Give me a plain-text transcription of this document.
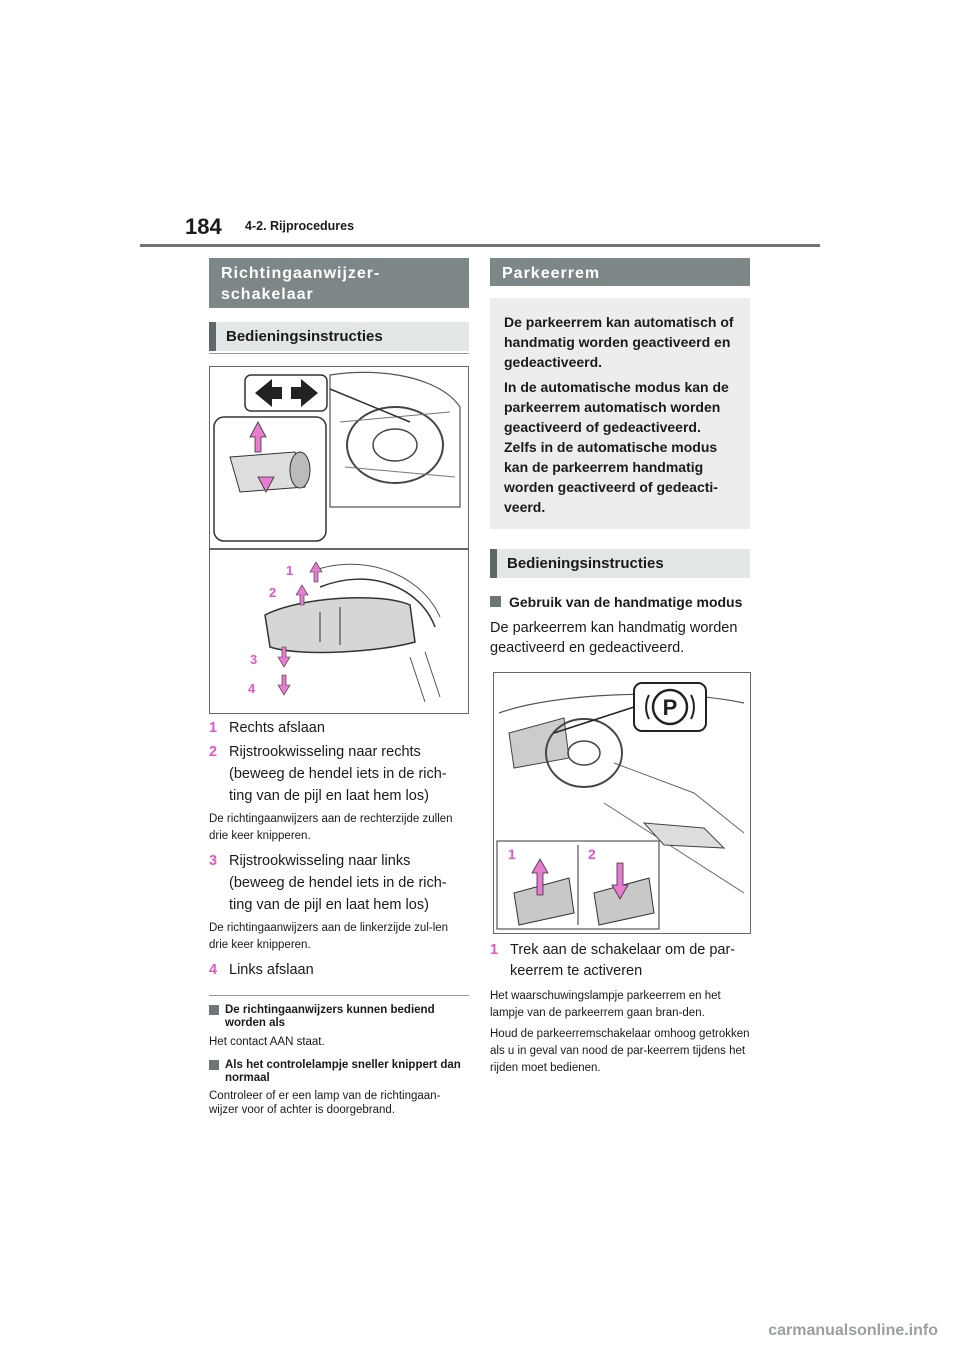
184 4-2. Rijprocedures
Richtingaanwijzer-
schakelaar
Bedieningsinstructies
1
2
3
4
1 Rechts afslaan
2 Rijstrookwisseling naar rechts (beweeg de hendel iets in de rich-ting van de pijl en laat hem los)
De richtingaanwijzers aan de rechterzijde zullen drie keer knipperen.
3 Rijstrookwisseling naar links (beweeg de hendel iets in de rich-ting van de pijl en laat hem los)
De richtingaanwijzers aan de linkerzijde zul-len drie keer knipperen.
4 Links afslaan
De richtingaanwijzers kunnen bediend worden als
Het contact AAN staat.
Als het controlelampje sneller knippert dan normaal
Controleer of er een lamp van de richtingaan-wijzer voor of achter is doorgebrand.
Parkeerrem

De parkeerrem kan automatisch of handmatig worden geactiveerd en gedeactiveerd.

In de automatische modus kan de parkeerrem automatisch worden geactiveerd of gedeactiveerd. Zelfs in de automatische modus kan de parkeerrem handmatig worden geactiveerd of gedeacti-veerd.

Bedieningsinstructies
Gebruik van de handmatige modus
De parkeerrem kan handmatig worden geactiveerd en gedeactiveerd.
P
1	2
1 Trek aan de schakelaar om de par-keerrem te activeren
Het waarschuwingslampje parkeerrem en het lampje van de parkeerrem gaan bran-den.
Houd de parkeerremschakelaar omhoog getrokken als u in geval van nood de par-keerrem tijdens het rijden moet bedienen.
carmanualsonline.info
